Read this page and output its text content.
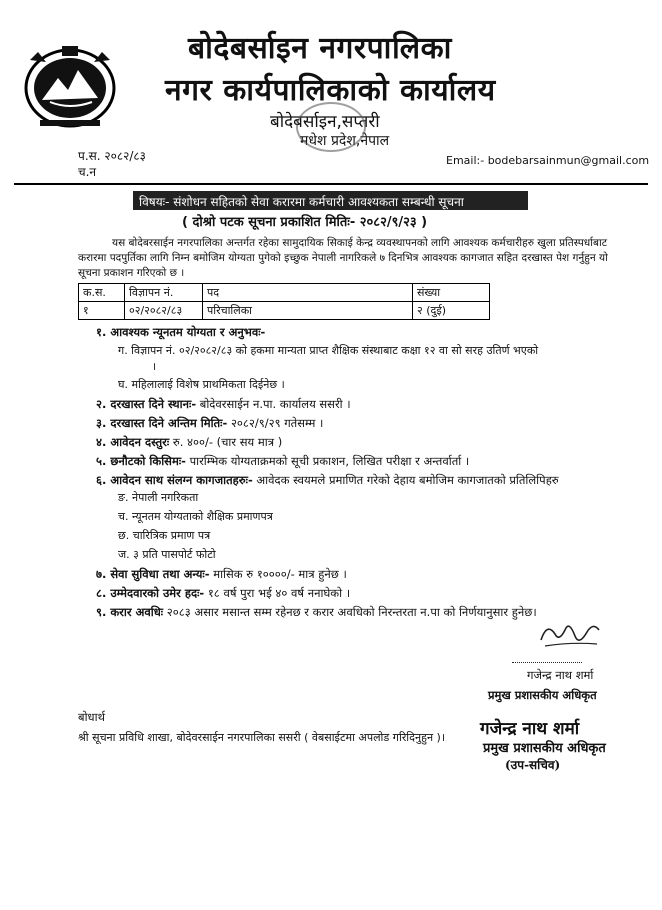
बोदेबर्साइन नगरपालिका
नगर कार्यपालिकाको कार्यालय
बोदेबर्साइन,सप्तरी
मधेश प्रदेश,नेपाल
प.स. २०८२/८३
च.न
Email:- bodebarsainmun@gmail.com
विषयः- संशोधन सहितको सेवा करारमा कर्मचारी आवश्यकता सम्बन्धी सूचना
( दोश्रो पटक सूचना प्रकाशित मितिः- २०८२/९/२३ )

यस बोदेबरसाईन नगरपालिका अन्तर्गत रहेका सामुदायिक सिकाई केन्द्र व्यवस्थापनको लागि आवश्यक कर्मचारीहरु खुला प्रतिस्पर्धाबाट करारमा पदपुर्तिका लागि निम्न बमोजिम योग्यता पुगेको इच्छुक नेपाली नागरिकले ७ दिनभित्र आवश्यक कागजात सहित दरखास्त पेश गर्नुहुन यो सूचना प्रकाशन गरिएको छ ।

क.स.	विज्ञापन नं.	पद	संख्या
१	०२/२०८२/८३	परिचालिका	२ (दुई)
१. आवश्यक न्यूनतम योग्यता र अनुभवः-
ग. विज्ञापन नं. ०२/२०८२/८३ को हकमा मान्यता प्राप्त शैक्षिक संस्थाबाट कक्षा १२ वा सो सरह उतिर्ण भएको
।
घ. महिलालाई विशेष प्राथमिकता दिईनेछ ।
२. दरखास्त दिने स्थानः- बोदेवरसाईन न.पा. कार्यालय ससरी ।
३. दरखास्त दिने अन्तिम मितिः- २०८२/९/२९ गतेसम्म ।
४. आवेदन दस्तुरः रु. ४००/- (चार सय मात्र )
५. छनौटको किसिमः- पारम्भिक योग्यताक्रमको सूची प्रकाशन, लिखित परीक्षा र अन्तर्वार्ता ।
६. आवेदन साथ संलग्न कागजातहरुः- आवेदक स्वयमले प्रमाणित गरेको देहाय बमोजिम कागजातको प्रतिलिपिहरु
ङ. नेपाली नगरिकता
च. न्यूनतम योग्यताको शैक्षिक प्रमाणपत्र
छ. चारित्रिक प्रमाण पत्र
ज. ३ प्रति पासपोर्ट फोटो
७. सेवा सुविधा तथा अन्यः- मासिक रु १००००/- मात्र हुनेछ ।
८. उम्मेदवारको उमेर हदः- १८ वर्ष पुरा भई ४० वर्ष ननाघेको ।
९. करार अवधिः २०८३ असार मसान्त सम्म रहेनछ र करार अवधिको निरन्तरता न.पा को निर्णयानुसार हुनेछ।
गजेन्द्र नाथ शर्मा
प्रमुख प्रशासकीय अधिकृत
बोधार्थ
श्री सूचना प्रविधि शाखा, बोदेवरसाईन नगरपालिका ससरी ( वेबसाईटमा अपलोड गरिदिनुहुन )। गजेन्द्र नाथ शर्मा
प्रमुख प्रशासकीय अधिकृत
(उप-सचिव)
